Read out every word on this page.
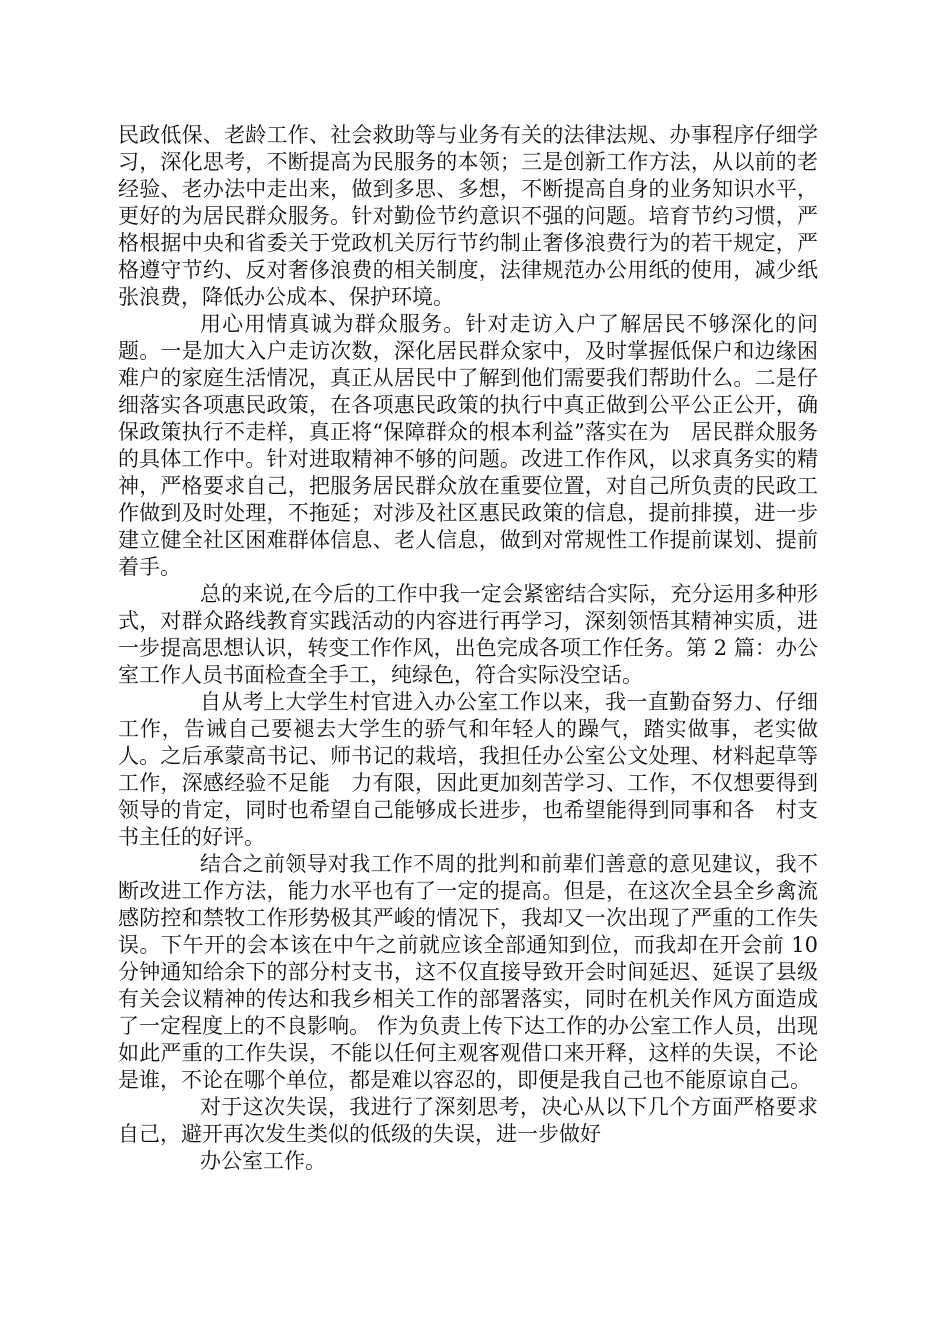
民政低保、老龄工作、社会救助等与业务有关的法律法规、办事程序仔细学习，深化思考，不断提高为民服务的本领；三是创新工作方法，从以前的老经验、老办法中走出来，做到多思、多想，不断提高自身的业务知识水平，更好的为居民群众服务。针对勤俭节约意识不强的问题。培育节约习惯，严格根据中央和省委关于党政机关厉行节约制止奢侈浪费行为的若干规定，严格遵守节约、反对奢侈浪费的相关制度，法律规范办公用纸的使用，减少纸张浪费，降低办公成本、保护环境。

用心用情真诚为群众服务。针对走访入户了解居民不够深化的问题。一是加大入户走访次数，深化居民群众家中，及时掌握低保户和边缘困难户的家庭生活情况，真正从居民中了解到他们需要我们帮助什么。二是仔细落实各项惠民政策，在各项惠民政策的执行中真正做到公平公正公开，确保政策执行不走样，真正将“保障群众的根本利益”落实在为　居民群众服务的具体工作中。针对进取精神不够的问题。改进工作作风，以求真务实的精神，严格要求自己，把服务居民群众放在重要位置，对自己所负责的民政工作做到及时处理，不拖延；对涉及社区惠民政策的信息，提前排摸，进一步建立健全社区困难群体信息、老人信息，做到对常规性工作提前谋划、提前着手。

总的来说,在今后的工作中我一定会紧密结合实际，充分运用多种形式，对群众路线教育实践活动的内容进行再学习，深刻领悟其精神实质，进一步提高思想认识，转变工作作风，出色完成各项工作任务。第 2 篇：办公室工作人员书面检查全手工，纯绿色，符合实际没空话。

自从考上大学生村官进入办公室工作以来，我一直勤奋努力、仔细工作，告诫自己要褪去大学生的骄气和年轻人的躁气，踏实做事，老实做人。之后承蒙高书记、师书记的栽培，我担任办公室公文处理、材料起草等工作，深感经验不足能　力有限，因此更加刻苦学习、工作，不仅想要得到领导的肯定，同时也希望自己能够成长进步，也希望能得到同事和各　村支书主任的好评。

结合之前领导对我工作不周的批判和前辈们善意的意见建议，我不断改进工作方法，能力水平也有了一定的提高。但是，在这次全县全乡禽流感防控和禁牧工作形势极其严峻的情况下，我却又一次出现了严重的工作失误。下午开的会本该在中午之前就应该全部通知到位，而我却在开会前 10 分钟通知给余下的部分村支书，这不仅直接导致开会时间延迟、延误了县级有关会议精神的传达和我乡相关工作的部署落实，同时在机关作风方面造成了一定程度上的不良影响。 作为负责上传下达工作的办公室工作人员，出现如此严重的工作失误，不能以任何主观客观借口来开释，这样的失误，不论是谁，不论在哪个单位，都是难以容忍的，即便是我自己也不能原谅自己。

对于这次失误，我进行了深刻思考，决心从以下几个方面严格要求自己，避开再次发生类似的低级的失误，进一步做好

办公室工作。
